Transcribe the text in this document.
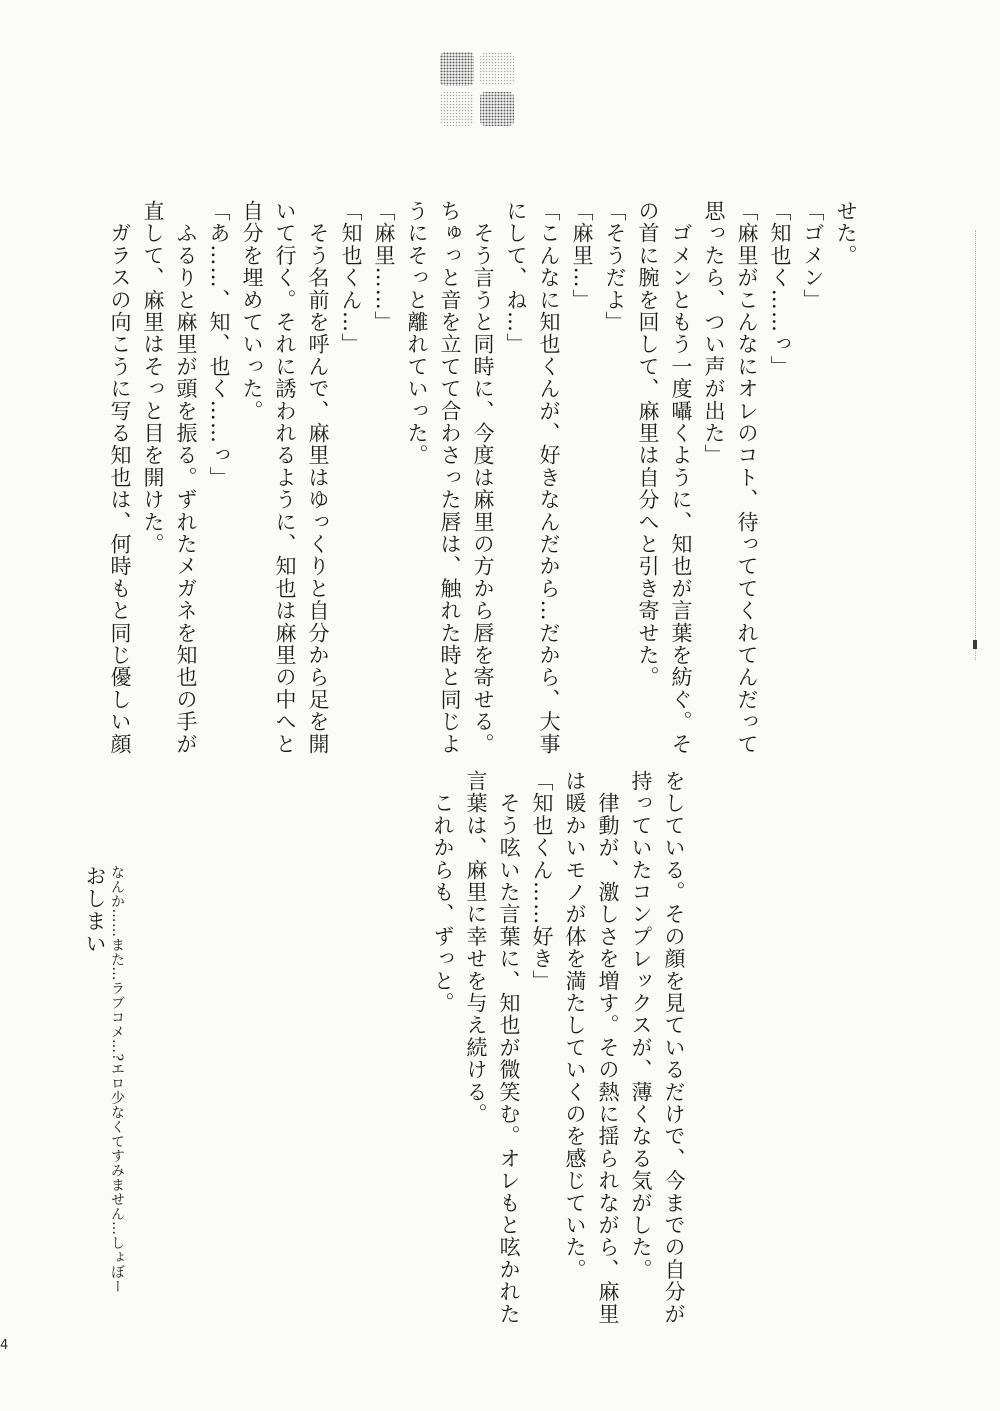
せた。
「ゴメン」
「知也く……っ」
「麻里がこんなにオレのコト、待っててくれてんだって
思ったら、つい声が出た」
　ゴメンともう一度囁くように、知也が言葉を紡ぐ。そ
の首に腕を回して、麻里は自分へと引き寄せた。
「そうだよ」
「麻里…」
「こんなに知也くんが、好きなんだから…だから、大事
にして、ね…」
　そう言うと同時に、今度は麻里の方から唇を寄せる。
ちゅっと音を立てて合わさった唇は、触れた時と同じよ
うにそっと離れていった。
「麻里……」
「知也くん…」
　そう名前を呼んで、麻里はゆっくりと自分から足を開
いて行く。それに誘われるように、知也は麻里の中へと
自分を埋めていった。
「あ……、知、也く……っ」
　ふるりと麻里が頭を振る。ずれたメガネを知也の手が
直して、麻里はそっと目を開けた。
　ガラスの向こうに写る知也は、何時もと同じ優しい顔
をしている。その顔を見ているだけで、今までの自分が
持っていたコンプレックスが、薄くなる気がした。
　律動が、激しさを増す。その熱に揺られながら、麻里
は暖かいモノが体を満たしていくのを感じていた。
「知也くん……好き」
　そう呟いた言葉に、知也が微笑む。オレもと呟かれた
言葉は、麻里に幸せを与え続ける。
　これからも、ずっと。
なんか……また…ラブコメ…?エロ少なくてすみません…しょぼー
おしまい
4
